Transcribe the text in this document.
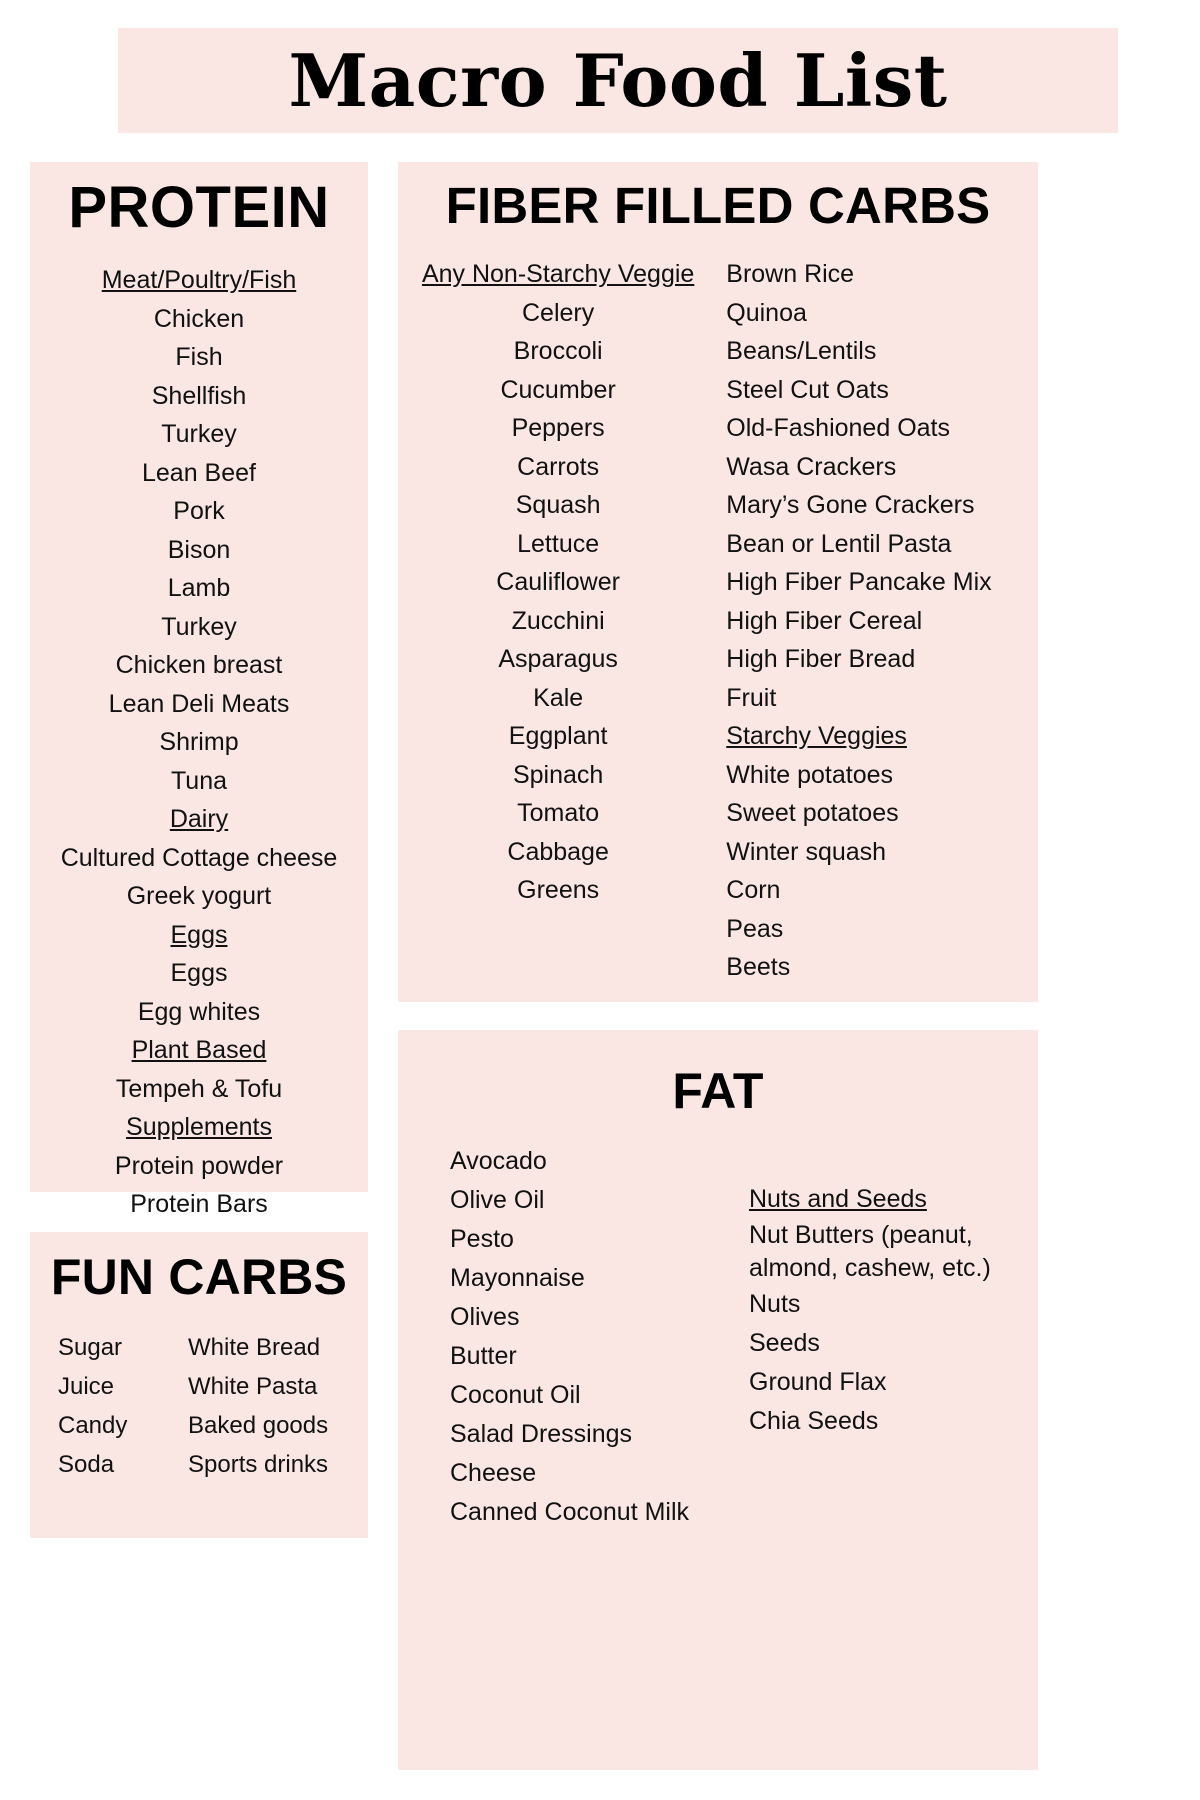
Macro Food List
PROTEIN
Meat/Poultry/Fish
Chicken
Fish
Shellfish
Turkey
Lean Beef
Pork
Bison
Lamb
Turkey
Chicken breast
Lean Deli Meats
Shrimp
Tuna
Dairy
Cultured Cottage cheese
Greek yogurt
Eggs
Eggs
Egg whites
Plant Based
Tempeh & Tofu
Supplements
Protein powder
Protein Bars
FIBER FILLED CARBS
Any Non-Starchy Veggie
Celery
Broccoli
Cucumber
Peppers
Carrots
Squash
Lettuce
Cauliflower
Zucchini
Asparagus
Kale
Eggplant
Spinach
Tomato
Cabbage
Greens
Brown Rice
Quinoa
Beans/Lentils
Steel Cut Oats
Old-Fashioned Oats
Wasa Crackers
Mary’s Gone Crackers
Bean or Lentil Pasta
High Fiber Pancake Mix
High Fiber Cereal
High Fiber Bread
Fruit
Starchy Veggies
White potatoes
Sweet potatoes
Winter squash
Corn
Peas
Beets
FUN CARBS
Sugar
Juice
Candy
Soda
White Bread
White Pasta
Baked goods
Sports drinks
FAT
Avocado
Olive Oil
Pesto
Mayonnaise
Olives
Butter
Coconut Oil
Salad Dressings
Cheese
Canned Coconut Milk
Nuts and Seeds
Nut Butters (peanut, almond, cashew, etc.)
Nuts
Seeds
Ground Flax
Chia Seeds
